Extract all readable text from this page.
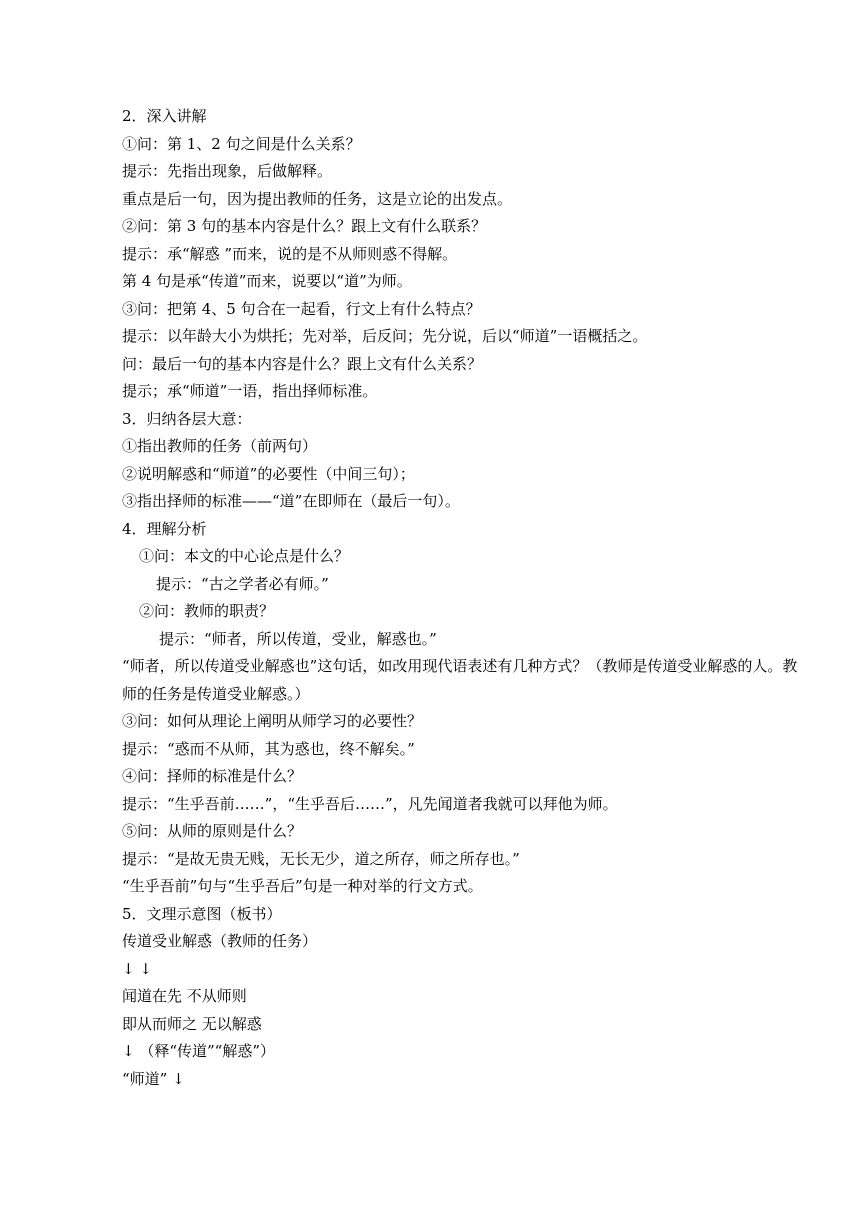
2．深入讲解
①问：第 1、2 句之间是什么关系？
提示：先指出现象，后做解释。
重点是后一句，因为提出教师的任务，这是立论的出发点。
②问：第 3 句的基本内容是什么？跟上文有什么联系？
提示：承“解惑 ”而来，说的是不从师则惑不得解。
第 4 句是承“传道”而来，说要以“道”为师。
③问：把第 4、5 句合在一起看，行文上有什么特点？
提示：以年龄大小为烘托；先对举，后反问；先分说，后以“师道”一语概括之。
问：最后一句的基本内容是什么？跟上文有什么关系？
提示；承“师道”一语，指出择师标准。
3．归纳各层大意：
①指出教师的任务（前两句）
②说明解惑和“师道”的必要性（中间三句）；
③指出择师的标准——“道”在即师在（最后一句）。
4．理解分析
①问：本文的中心论点是什么？
提示：“古之学者必有师。”
②问：教师的职责？
提示：“师者，所以传道，受业，解惑也。”
“师者，所以传道受业解惑也”这句话，如改用现代语表述有几种方式？（教师是传道受业解惑的人。教师的任务是传道受业解惑。）
③问：如何从理论上阐明从师学习的必要性？
提示：“惑而不从师，其为惑也，终不解矣。”
④问：择师的标准是什么？
提示：“生乎吾前……”，“生乎吾后……”，凡先闻道者我就可以拜他为师。
⑤问：从师的原则是什么？
提示：“是故无贵无贱，无长无少，道之所存，师之所存也。”
“生乎吾前”句与“生乎吾后”句是一种对举的行文方式。
5．文理示意图（板书）
传道受业解惑（教师的任务）
↓ ↓
闻道在先 不从师则
即从而师之 无以解惑
↓ （释“传道”“解惑”）
“师道” ↓
